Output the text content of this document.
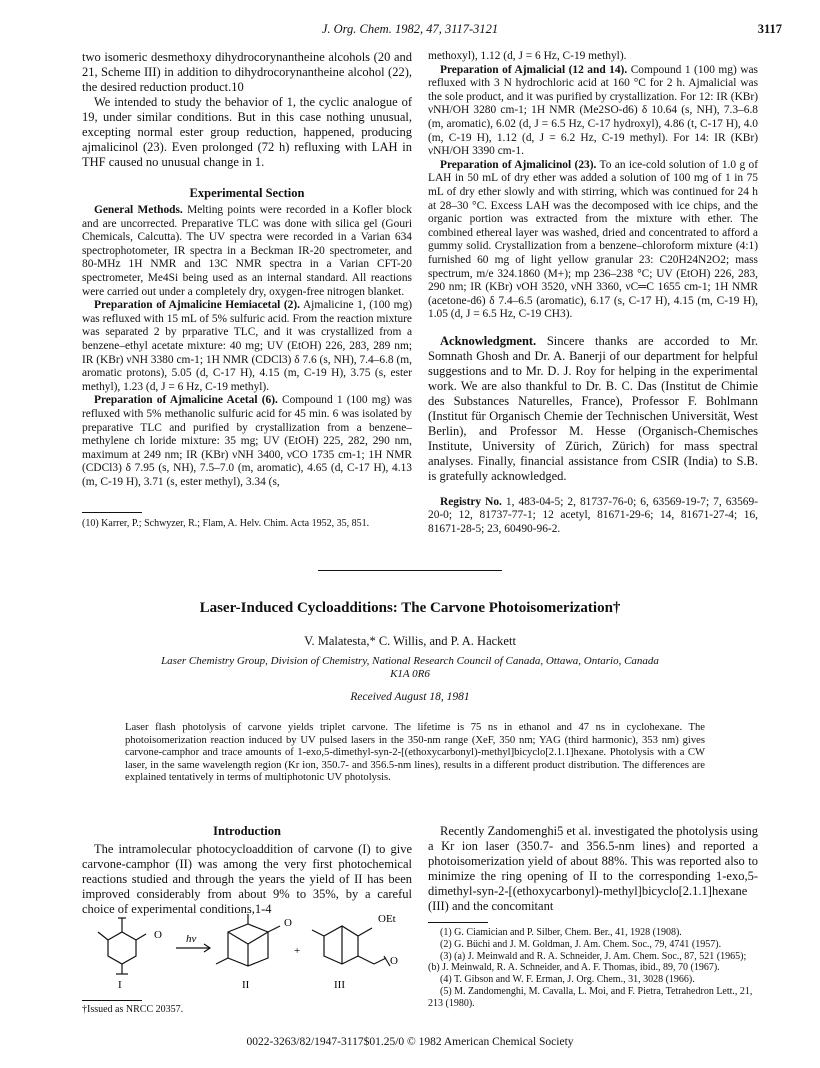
J. Org. Chem. 1982, 47, 3117-3121	3117

two isomeric desmethoxy dihydrocorynantheine alcohols (20 and 21, Scheme III) in addition to dihydrocorynantheine alcohol (22), the desired reduction product.10

We intended to study the behavior of 1, the cyclic analogue of 19, under similar conditions. But in this case nothing unusual, excepting normal ester group reduction, happened, producing ajmalicinol (23). Even prolonged (72 h) refluxing with LAH in THF caused no unusual change in 1.

Experimental Section

General Methods. Melting points were recorded in a Kofler block and are uncorrected. Preparative TLC was done with silica gel (Gouri Chemicals, Calcutta). The UV spectra were recorded in a Varian 634 spectrophotometer, IR spectra in a Beckman IR-20 spectrometer, and 80-MHz 1H NMR and 13C NMR spectra in a Varian CFT-20 spectrometer, Me4Si being used as an internal standard. All reactions were carried out under a completely dry, oxygen-free nitrogen blanket.

Preparation of Ajmalicine Hemiacetal (2). Ajmalicine 1, (100 mg) was refluxed with 15 mL of 5% sulfuric acid. From the reaction mixture was separated 2 by prparative TLC, and it was crystallized from a benzene–ethyl acetate mixture: 40 mg; UV (EtOH) 226, 283, 289 nm; IR (KBr) νNH 3380 cm-1; 1H NMR (CDCl3) δ 7.6 (s, NH), 7.4–6.8 (m, aromatic protons), 5.05 (d, C-17 H), 4.15 (m, C-19 H), 3.75 (s, ester methyl), 1.23 (d, J = 6 Hz, C-19 methyl).

Preparation of Ajmalicine Acetal (6). Compound 1 (100 mg) was refluxed with 5% methanolic sulfuric acid for 45 min. 6 was isolated by preparative TLC and purified by crystallization from a benzene–methylene ch loride mixture: 35 mg; UV (EtOH) 225, 282, 290 nm, maximum at 249 nm; IR (KBr) νNH 3400, νCO 1735 cm-1; 1H NMR (CDCl3) δ 7.95 (s, NH), 7.5–7.0 (m, aromatic), 4.65 (d, C-17 H), 4.13 (m, C-19 H), 3.71 (s, ester methyl), 3.34 (s,

(10) Karrer, P.; Schwyzer, R.; Flam, A. Helv. Chim. Acta 1952, 35, 851.

methoxyl), 1.12 (d, J = 6 Hz, C-19 methyl).

Preparation of Ajmalicial (12 and 14). Compound 1 (100 mg) was refluxed with 3 N hydrochloric acid at 160 °C for 2 h. Ajmalicial was the sole product, and it was purified by crystallization. For 12: IR (KBr) νNH/OH 3280 cm-1; 1H NMR (Me2SO-d6) δ 10.64 (s, NH), 7.3–6.8 (m, aromatic), 6.02 (d, J = 6.5 Hz, C-17 hydroxyl), 4.86 (t, C-17 H), 4.0 (m, C-19 H), 1.12 (d, J = 6.2 Hz, C-19 methyl). For 14: IR (KBr) νNH/OH 3390 cm-1.

Preparation of Ajmalicinol (23). To an ice-cold solution of 1.0 g of LAH in 50 mL of dry ether was added a solution of 100 mg of 1 in 75 mL of dry ether slowly and with stirring, which was continued for 24 h at 28–30 °C. Excess LAH was the decomposed with ice chips, and the organic portion was extracted from the mixture with ether. The combined ethereal layer was washed, dried and concentrated to afford a gummy solid. Crystallization from a benzene–chloroform mixture (4:1) furnished 60 mg of light yellow granular 23: C20H24N2O2; mass spectrum, m/e 324.1860 (M+); mp 236–238 °C; UV (EtOH) 226, 283, 290 nm; IR (KBr) νOH 3520, νNH 3360, νC═C 1655 cm-1; 1H NMR (acetone-d6) δ 7.4–6.5 (aromatic), 6.17 (s, C-17 H), 4.15 (m, C-19 H), 1.05 (d, J = 6.5 Hz, C-19 CH3).

Acknowledgment. Sincere thanks are accorded to Mr. Somnath Ghosh and Dr. A. Banerji of our department for helpful suggestions and to Mr. D. J. Roy for helping in the experimental work. We are also thankful to Dr. B. C. Das (Institut de Chimie des Substances Naturelles, France), Professor F. Bohlmann (Institut für Organisch Chemie der Technischen Universität, West Berlin), and Professor M. Hesse (Organisch-Chemisches Institute, University of Zürich, Zürich) for mass spectral analyses. Finally, financial assistance from CSIR (India) to S.B. is gratefully acknowledged.

Registry No. 1, 483-04-5; 2, 81737-76-0; 6, 63569-19-7; 7, 63569-20-0; 12, 81737-77-1; 12 acetyl, 81671-29-6; 14, 81671-27-4; 16, 81671-28-5; 23, 60490-96-2.

Laser-Induced Cycloadditions: The Carvone Photoisomerization†
V. Malatesta,* C. Willis, and P. A. Hackett
Laser Chemistry Group, Division of Chemistry, National Research Council of Canada, Ottawa, Ontario, Canada K1A 0R6
Received August 18, 1981
Laser flash photolysis of carvone yields triplet carvone. The lifetime is 75 ns in ethanol and 47 ns in cyclohexane. The photoisomerization reaction induced by UV pulsed lasers in the 350-nm range (XeF, 350 nm; YAG (third harmonic), 353 nm) gives carvone-camphor and trace amounts of 1-exo,5-dimethyl-syn-2-[(ethoxycarbonyl)-methyl]bicyclo[2.1.1]hexane. Photolysis with a CW laser, in the same wavelength region (Kr ion, 350.7- and 356.5-nm lines), results in a different product distribution. The differences are explained tentatively in terms of multiphotonic UV photolysis.

Introduction

The intramolecular photocycloaddition of carvone (I) to give carvone-camphor (II) was among the very first photochemical reactions studied and through the years the yield of II has been improved considerably from about 9% to 35%, by a careful choice of experimental conditions,1-4

O
O
hν
+
OEt
O
I	II	III

†Issued as NRCC 20357.

Recently Zandomenghi5 et al. investigated the photolysis using a Kr ion laser (350.7- and 356.5-nm lines) and reported a photoisomerization yield of about 88%. This was reported also to minimize the ring opening of II to the corresponding 1-exo,5-dimethyl-syn-2-[(ethoxycarbonyl)-methyl]bicyclo[2.1.1]hexane (III) and the concomitant

(1) G. Ciamician and P. Silber, Chem. Ber., 41, 1928 (1908).

(2) G. Büchi and J. M. Goldman, J. Am. Chem. Soc., 79, 4741 (1957).

(3) (a) J. Meinwald and R. A. Schneider, J. Am. Chem. Soc., 87, 521 (1965); (b) J. Meinwald, R. A. Schneider, and A. F. Thomas, ibid., 89, 70 (1967).

(4) T. Gibson and W. F. Erman, J. Org. Chem., 31, 3028 (1966).

(5) M. Zandomenghi, M. Cavalla, L. Moi, and F. Pietra, Tetrahedron Lett., 21, 213 (1980).

0022-3263/82/1947-3117$01.25/0 © 1982 American Chemical Society
